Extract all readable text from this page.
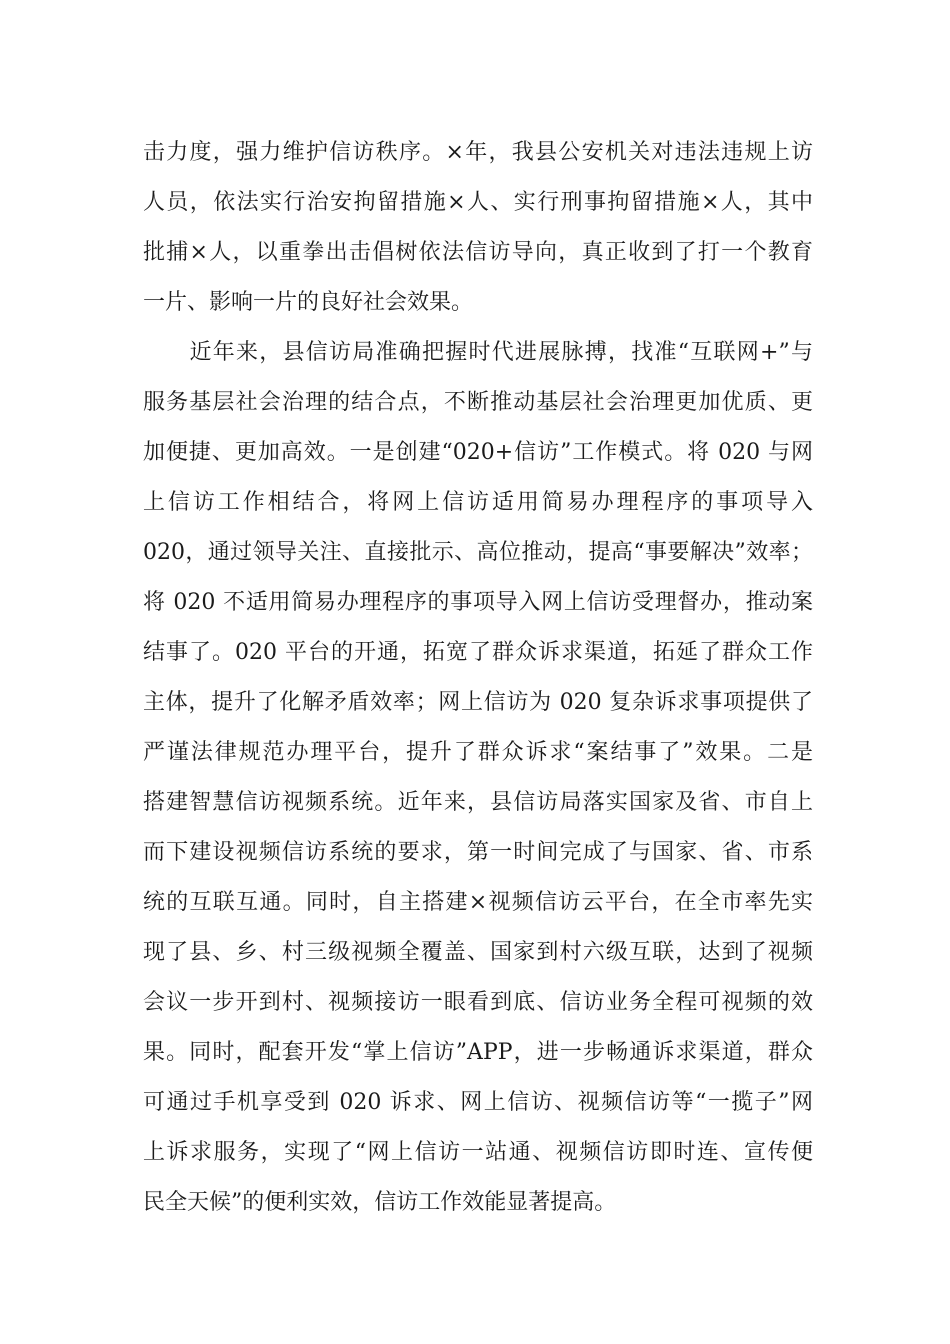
击力度，强力维护信访秩序。×年，我县公安机关对违法违规上访
人员，依法实行治安拘留措施×人、实行刑事拘留措施×人，其中
批捕×人，以重拳出击倡树依法信访导向，真正收到了打一个教育
一片、影响一片的良好社会效果。
　　近年来，县信访局准确把握时代进展脉搏，找准“互联网+”与
服务基层社会治理的结合点，不断推动基层社会治理更加优质、更
加便捷、更加高效。一是创建“020+信访”工作模式。将 020 与网
上信访工作相结合，将网上信访适用简易办理程序的事项导入
020，通过领导关注、直接批示、高位推动，提高“事要解决”效率；
将 020 不适用简易办理程序的事项导入网上信访受理督办，推动案
结事了。020 平台的开通，拓宽了群众诉求渠道，拓延了群众工作
主体，提升了化解矛盾效率；网上信访为 020 复杂诉求事项提供了
严谨法律规范办理平台，提升了群众诉求“案结事了”效果。二是
搭建智慧信访视频系统。近年来，县信访局落实国家及省、市自上
而下建设视频信访系统的要求，第一时间完成了与国家、省、市系
统的互联互通。同时，自主搭建×视频信访云平台，在全市率先实
现了县、乡、村三级视频全覆盖、国家到村六级互联，达到了视频
会议一步开到村、视频接访一眼看到底、信访业务全程可视频的效
果。同时，配套开发“掌上信访”APP，进一步畅通诉求渠道，群众
可通过手机享受到 020 诉求、网上信访、视频信访等“一揽子”网
上诉求服务，实现了“网上信访一站通、视频信访即时连、宣传便
民全天候”的便利实效，信访工作效能显著提高。
